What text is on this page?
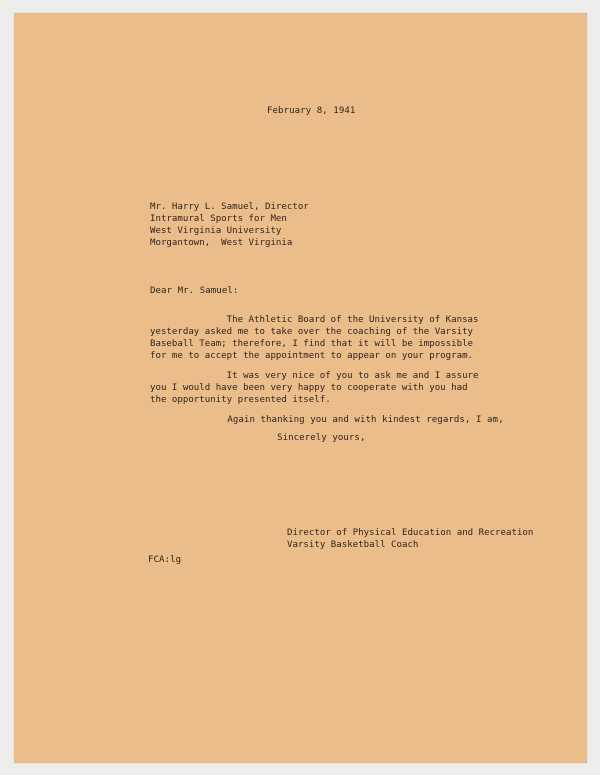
February 8, 1941
Mr. Harry L. Samuel, Director
Intramural Sports for Men
West Virginia University
Morgantown,  West Virginia
Dear Mr. Samuel:
The Athletic Board of the University of Kansas
yesterday asked me to take over the coaching of the Varsity
Baseball Team; therefore, I find that it will be impossible
for me to accept the appointment to appear on your program.
It was very nice of you to ask me and I assure
you I would have been very happy to cooperate with you had
the opportunity presented itself.
Again thanking you and with kindest regards, I am,
Sincerely yours,
Director of Physical Education and Recreation
Varsity Basketball Coach
FCA:lg
